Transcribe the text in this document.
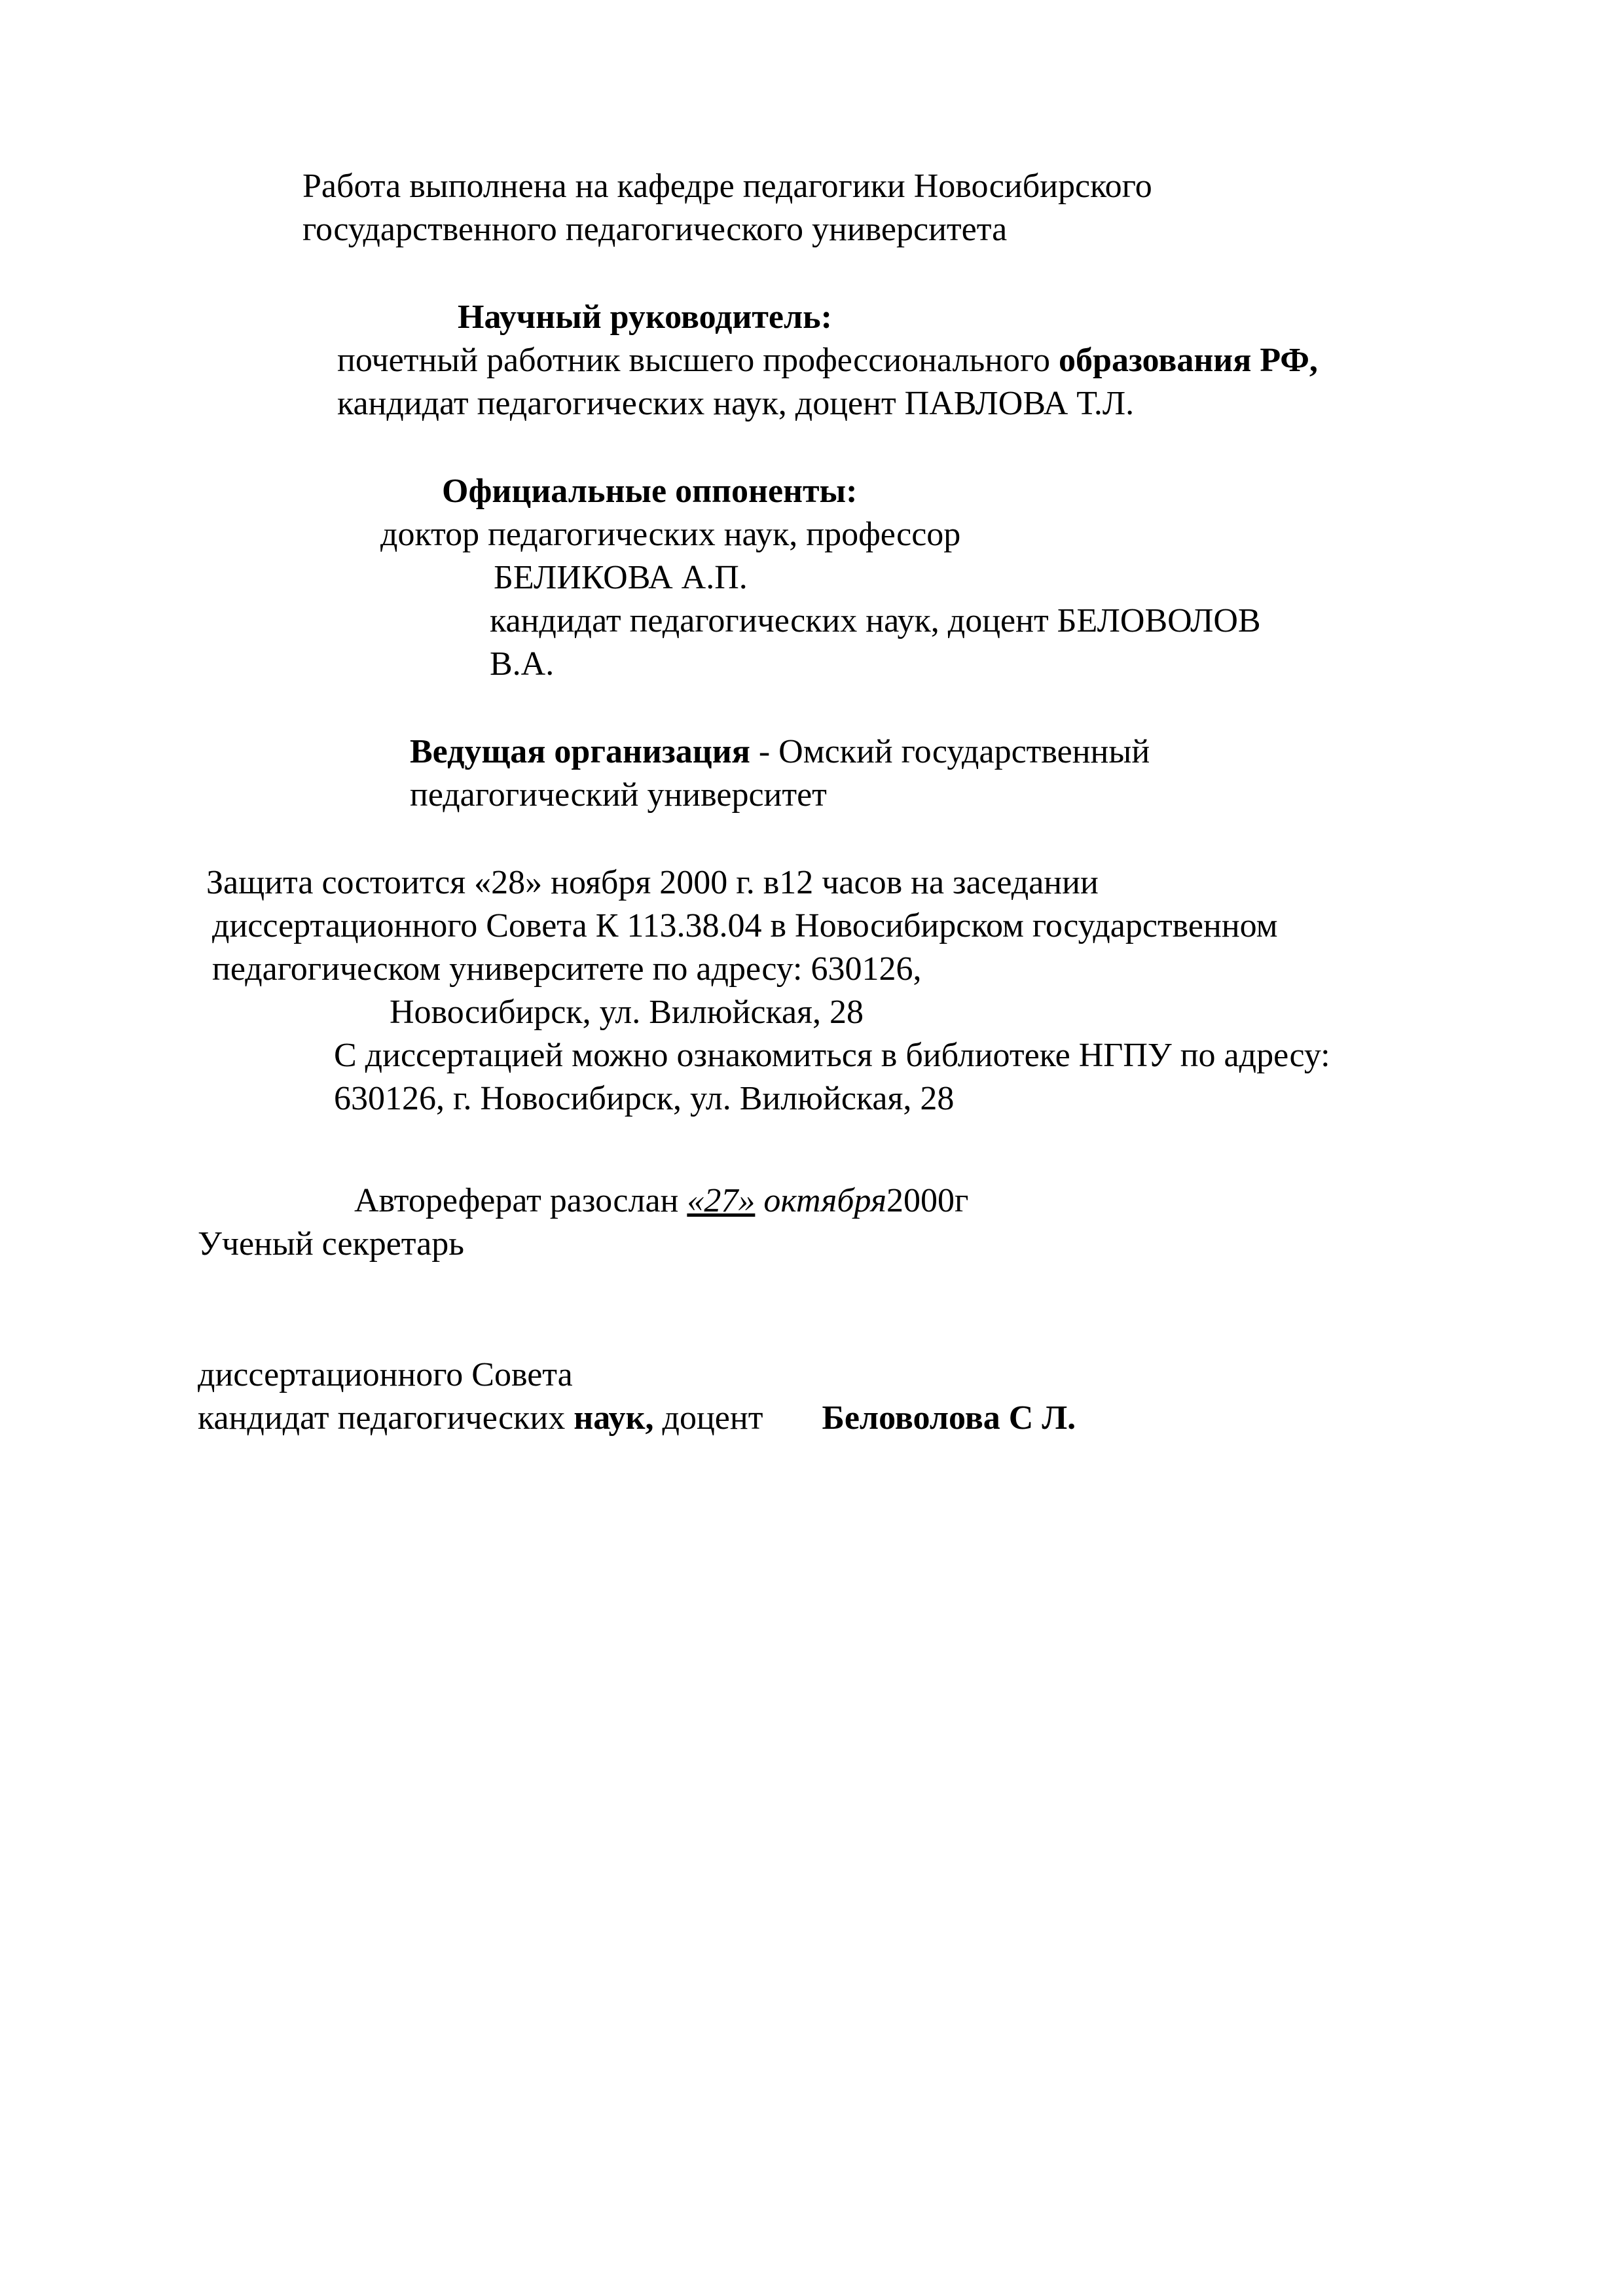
Работа выполнена на кафедре педагогики Новосибирского
государственного педагогического университета
Научный руководитель:
почетный работник высшего профессионального образования РФ,
кандидат педагогических наук, доцент ПАВЛОВА Т.Л.
Официальные оппоненты:
доктор педагогических наук, профессор
БЕЛИКОВА А.П.
кандидат педагогических наук, доцент БЕЛОВОЛОВ
В.А.
Ведущая организация - Омский государственный
педагогический университет
Защита состоится «28» ноября 2000 г. в12 часов на заседании
диссертационного Совета К 113.38.04 в Новосибирском государственном
педагогическом университете по адресу: 630126,
Новосибирск, ул. Вилюйская, 28
С диссертацией можно ознакомиться в библиотеке НГПУ по адресу:
630126, г. Новосибирск, ул. Вилюйская, 28
Автореферат разослан «27» октября2000г
Ученый секретарь
диссертационного Совета
кандидат педагогических наук, доцент Беловолова С Л.
